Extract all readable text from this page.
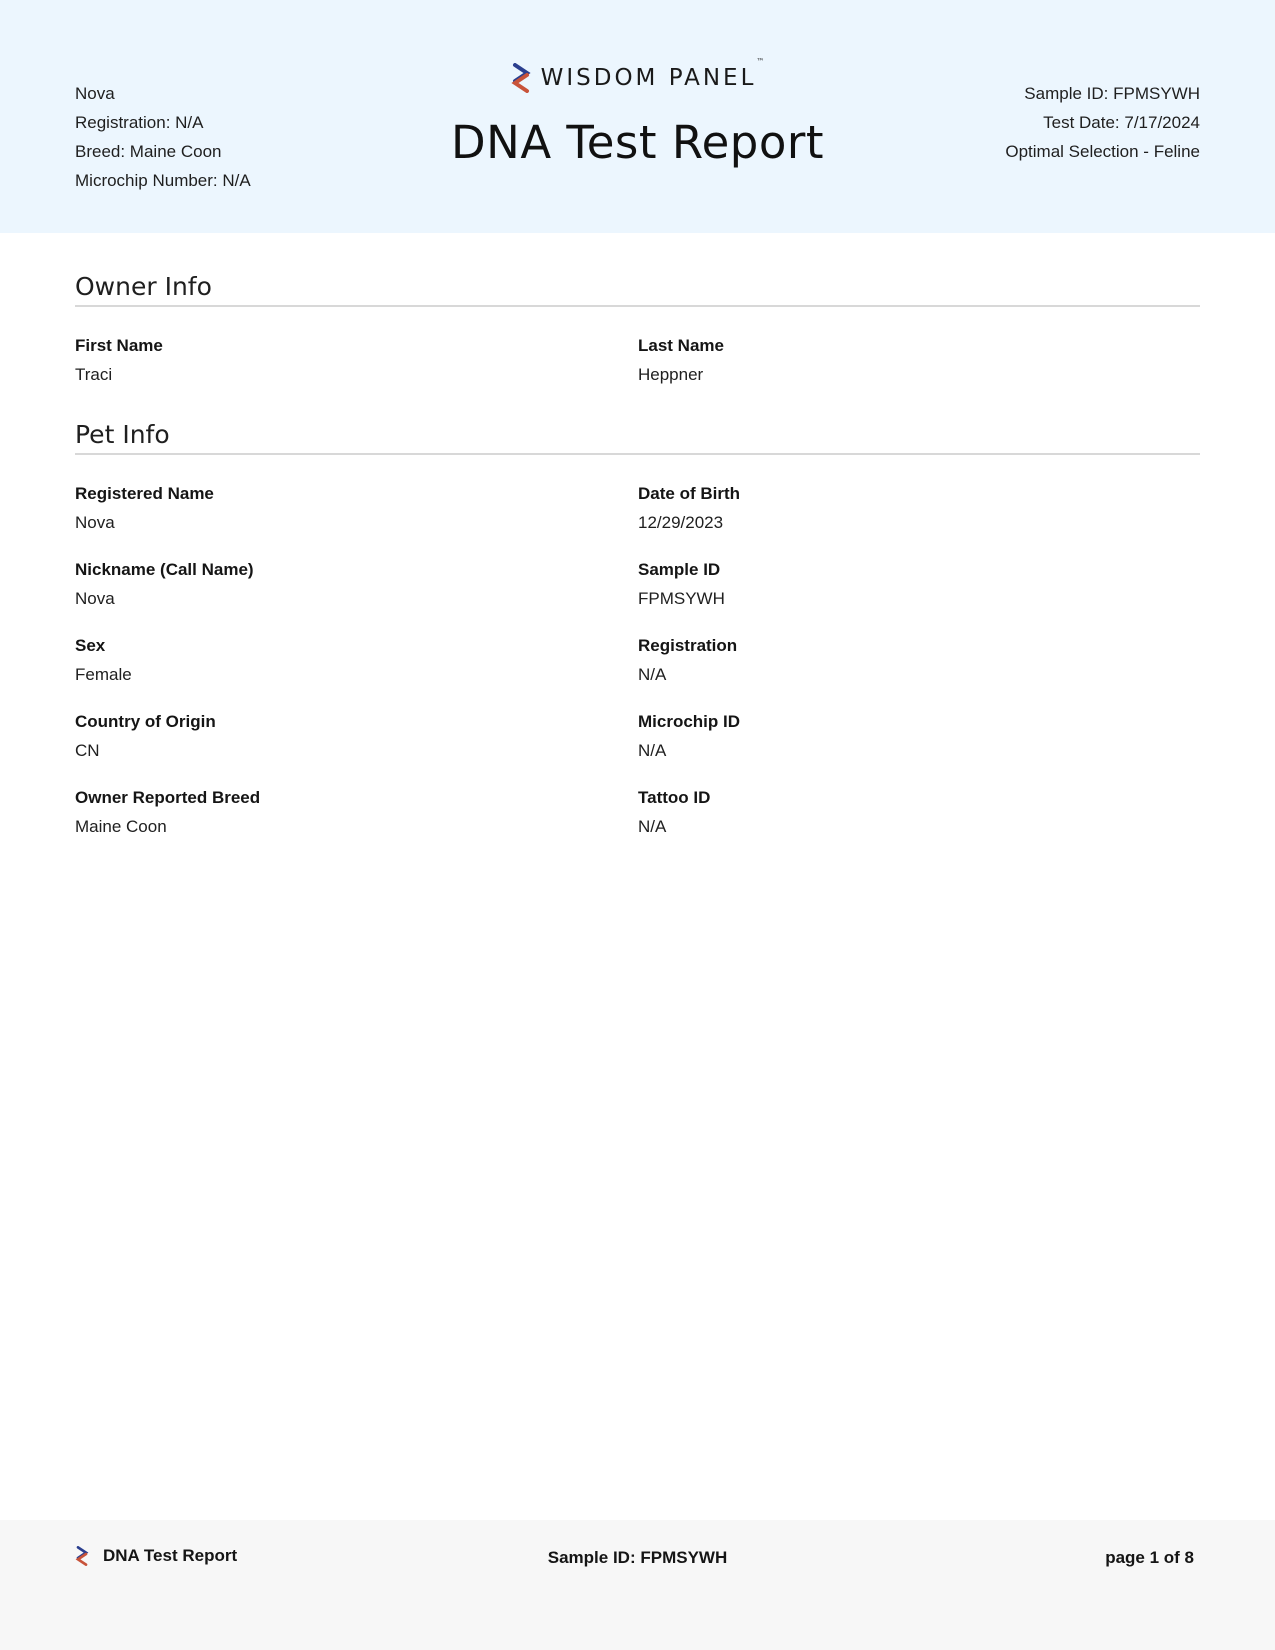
Nova
Registration: N/A
Breed: Maine Coon
Microchip Number: N/A
WISDOM PANEL™
DNA Test Report
Sample ID: FPMSYWH
Test Date: 7/17/2024
Optimal Selection - Feline
Owner Info
First Name
Traci
Last Name
Heppner
Pet Info
Registered Name
Nova
Date of Birth
12/29/2023
Nickname (Call Name)
Nova
Sample ID
FPMSYWH
Sex
Female
Registration
N/A
Country of Origin
CN
Microchip ID
N/A
Owner Reported Breed
Maine Coon
Tattoo ID
N/A
DNA Test Report	Sample ID: FPMSYWH	page 1 of 8
